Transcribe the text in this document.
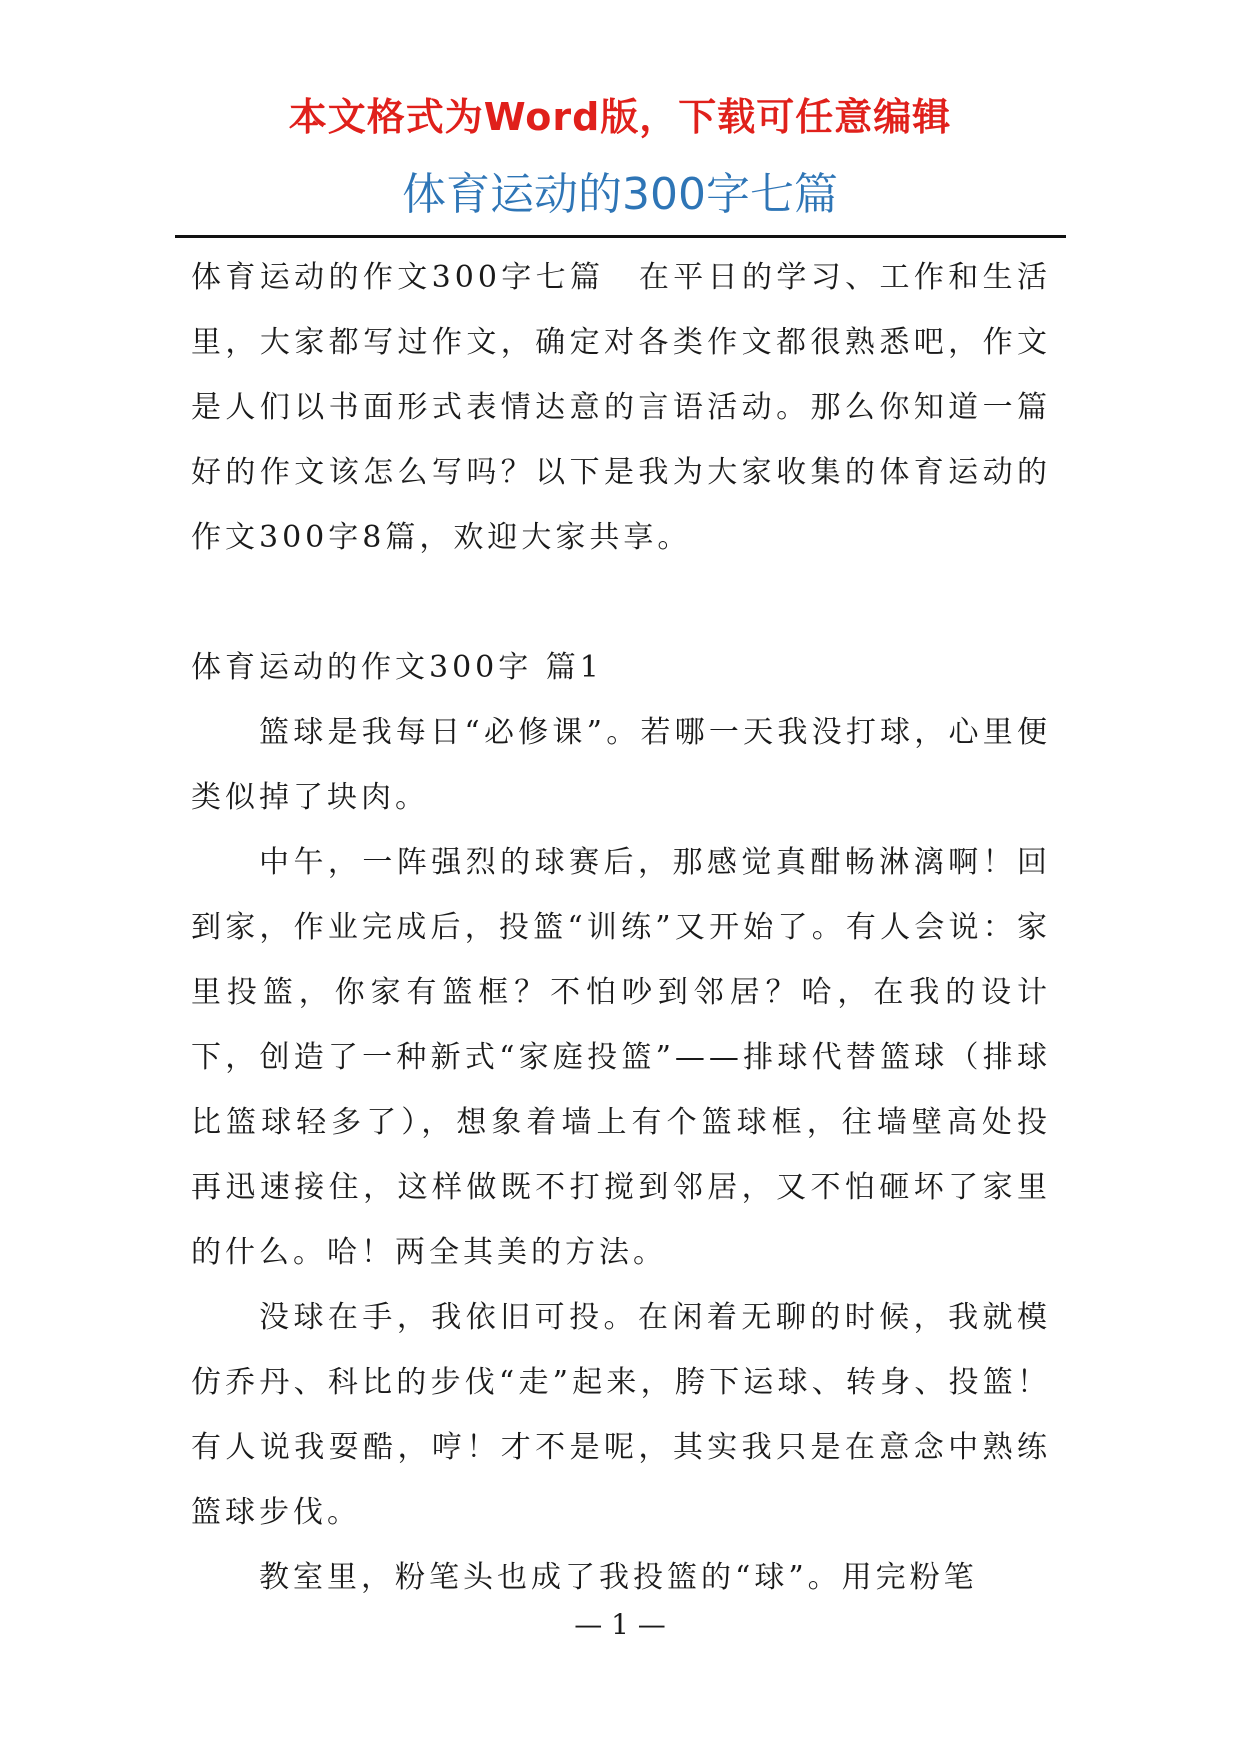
本文格式为Word版，下载可任意编辑
体育运动的300字七篇

体育运动的作文300字七篇　在平日的学习、工作和生活里，大家都写过作文，确定对各类作文都很熟悉吧，作文是人们以书面形式表情达意的言语活动。那么你知道一篇好的作文该怎么写吗？以下是我为大家收集的体育运动的作文300字8篇，欢迎大家共享。

体育运动的作文300字 篇1

篮球是我每日“必修课”。若哪一天我没打球，心里便类似掉了块肉。

中午，一阵强烈的球赛后，那感觉真酣畅淋漓啊！回到家，作业完成后，投篮“训练”又开始了。有人会说：家里投篮，你家有篮框？不怕吵到邻居？哈，在我的设计下，创造了一种新式“家庭投篮”——排球代替篮球（排球比篮球轻多了），想象着墙上有个篮球框，往墙壁高处投再迅速接住，这样做既不打搅到邻居，又不怕砸坏了家里的什么。哈！两全其美的方法。

没球在手，我依旧可投。在闲着无聊的时候，我就模仿乔丹、科比的步伐“走”起来，胯下运球、转身、投篮！有人说我耍酷，哼！才不是呢，其实我只是在意念中熟练篮球步伐。

教室里，粉笔头也成了我投篮的“球”。用完粉笔

— 1 —
